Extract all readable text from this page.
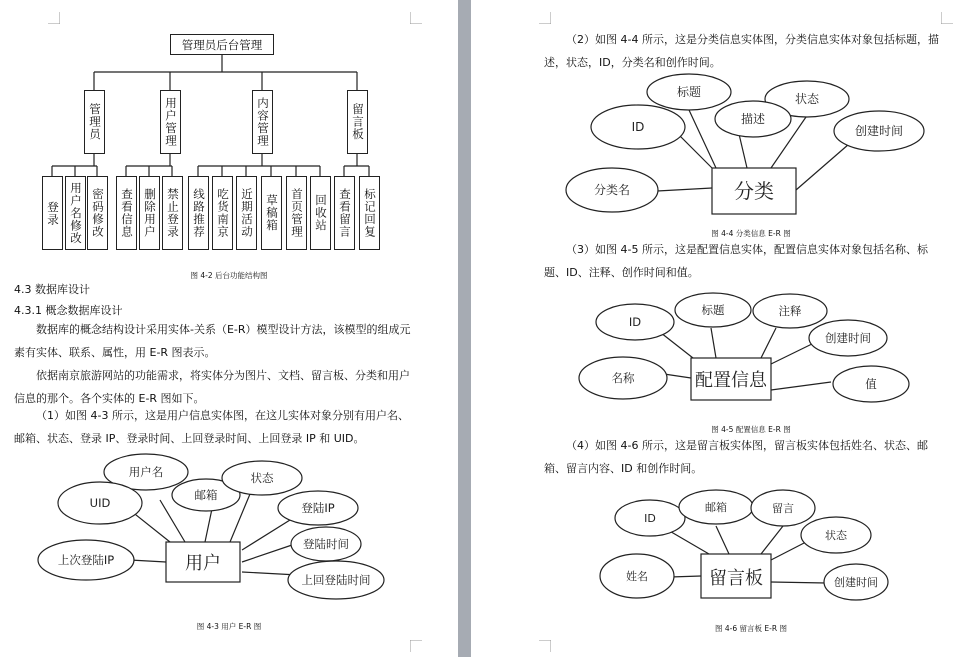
管理员后台管理
管理员	用户管理	内容管理	留言板
登录 用户名修改 密码修改 查看信息 删除用户 禁止登录 线路推荐 吃货南京 近期活动 草稿箱 首页管理 回收站 查看留言 标记回复
图 4-2 后台功能结构图
4.3 数据库设计
4.3.1 概念数据库设计
数据库的概念结构设计采用实体-关系（E-R）模型设计方法，该模型的组成元素有实体、联系、属性，用 E-R 图表示。
依据南京旅游网站的功能需求，将实体分为图片、文档、留言板、分类和用户信息的那个。各个实体的 E-R 图如下。
（1）如图 4-3 所示，这是用户信息实体图，在这儿实体对象分别有用户名、邮箱、状态、登录 IP、登录时间、上回登录时间、上回登录 IP 和 UID。
用户
用户名
UID
邮箱
状态
登陆IP
登陆时间
上回登陆时间
上次登陆IP
图 4-3 用户 E-R 图
（2）如图 4-4 所示，这是分类信息实体图，分类信息实体对象包括标题，描述，状态，ID，分类名和创作时间。
分类
标题	状态
ID
描述
创建时间
分类名
图 4-4 分类信息 E-R 图
（3）如图 4-5 所示，这是配置信息实体，配置信息实体对象包括名称、标题、ID、注释、创作时间和值。
配置信息
ID
标题	注释
创建时间
名称	值
图 4-5 配置信息 E-R 图
（4）如图 4-6 所示，这是留言板实体图，留言板实体包括姓名、状态、邮箱、留言内容、ID 和创作时间。
留言板
ID
邮箱	留言
状态
姓名	创建时间
图 4-6 留言板 E-R 图
